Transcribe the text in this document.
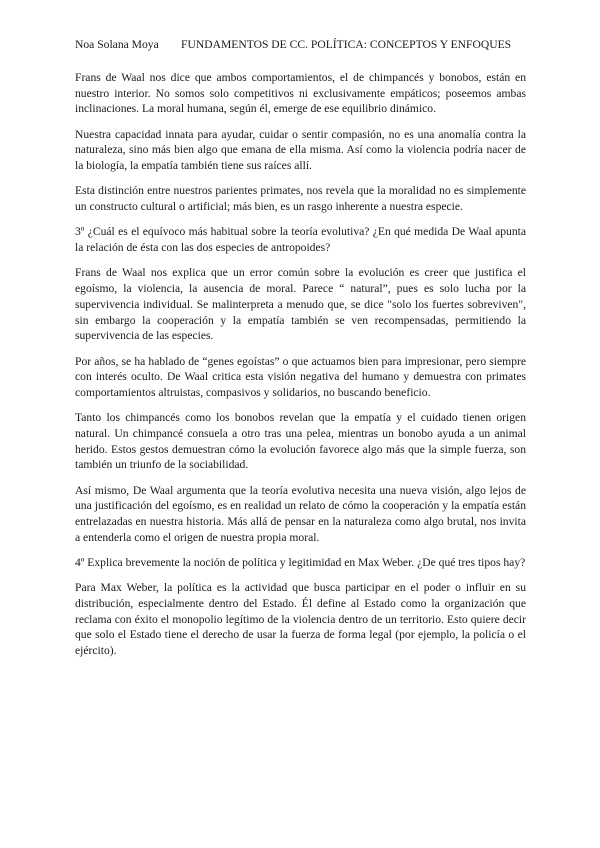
Noa Solana Moya FUNDAMENTOS DE CC. POLÍTICA: CONCEPTOS Y ENFOQUES

Frans de Waal nos dice que ambos comportamientos, el de chimpancés y bonobos, están en nuestro interior. No somos solo competitivos ni exclusivamente empáticos; poseemos ambas inclinaciones. La moral humana, según él, emerge de ese equilibrio dinámico.

Nuestra capacidad innata para ayudar, cuidar o sentir compasión, no es una anomalía contra la naturaleza, sino más bien algo que emana de ella misma. Así como la violencia podría nacer de la biología, la empatía también tiene sus raíces allí.

Esta distinción entre nuestros parientes primates, nos revela que la moralidad no es simplemente un constructo cultural o artificial; más bien, es un rasgo inherente a nuestra especie.

3º ¿Cuál es el equívoco más habitual sobre la teoría evolutiva? ¿En qué medida De Waal apunta la relación de ésta con las dos especies de antropoides?

Frans de Waal nos explica que un error común sobre la evolución es creer que justifica el egoísmo, la violencia, la ausencia de moral. Parece “ natural”, pues es solo lucha por la supervivencia individual. Se malinterpreta a menudo que, se dice "solo los fuertes sobreviven", sin embargo la cooperación y la empatía también se ven recompensadas, permitiendo la supervivencia de las especies.

Por años, se ha hablado de “genes egoístas” o que actuamos bien para impresionar, pero siempre con interés oculto. De Waal critica esta visión negativa del humano y demuestra con primates comportamientos altruistas, compasivos y solidarios, no buscando beneficio.

Tanto los chimpancés como los bonobos revelan que la empatía y el cuidado tienen origen natural. Un chimpancé consuela a otro tras una pelea, mientras un bonobo ayuda a un animal herido. Estos gestos demuestran cómo la evolución favorece algo más que la simple fuerza, son también un triunfo de la sociabilidad.

Así mismo, De Waal argumenta que la teoría evolutiva necesita una nueva visión, algo lejos de una justificación del egoísmo, es en realidad un relato de cómo la cooperación y la empatía están entrelazadas en nuestra historia. Más allá de pensar en la naturaleza como algo brutal, nos invita a entenderla como el origen de nuestra propia moral.

4º Explica brevemente la noción de política y legitimidad en Max Weber. ¿De qué tres tipos hay?

Para Max Weber, la política es la actividad que busca participar en el poder o influir en su distribución, especialmente dentro del Estado. Él define al Estado como la organización que reclama con éxito el monopolio legítimo de la violencia dentro de un territorio. Esto quiere decir que solo el Estado tiene el derecho de usar la fuerza de forma legal (por ejemplo, la policía o el ejército).
